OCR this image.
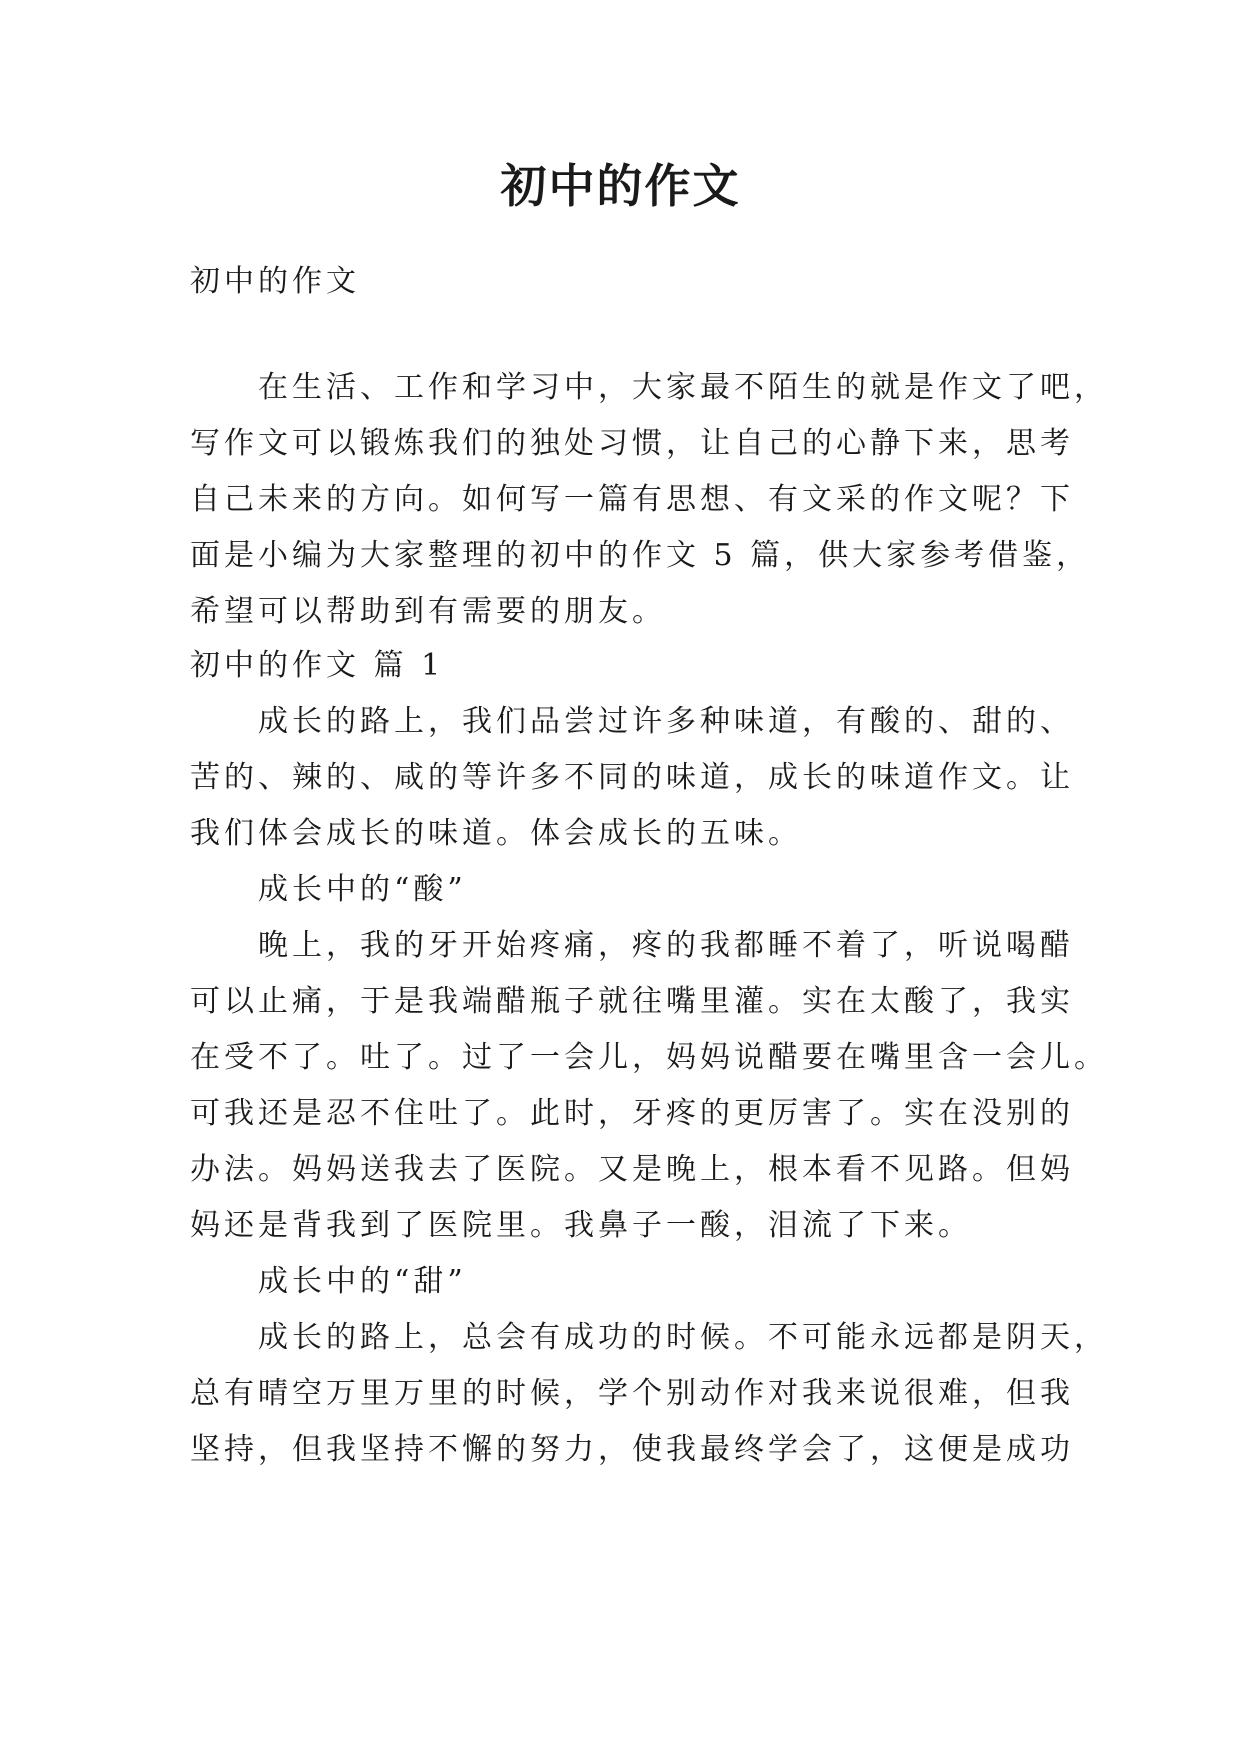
初中的作文
初中的作文
在生活、工作和学习中，大家最不陌生的就是作文了吧，
写作文可以锻炼我们的独处习惯，让自己的心静下来，思考
自己未来的方向。如何写一篇有思想、有文采的作文呢？下
面是小编为大家整理的初中的作文 5 篇，供大家参考借鉴，
希望可以帮助到有需要的朋友。
初中的作文 篇 1
成长的路上，我们品尝过许多种味道，有酸的、甜的、
苦的、辣的、咸的等许多不同的味道，成长的味道作文。让
我们体会成长的味道。体会成长的五味。
成长中的“酸”
晚上，我的牙开始疼痛，疼的我都睡不着了，听说喝醋
可以止痛，于是我端醋瓶子就往嘴里灌。实在太酸了，我实
在受不了。吐了。过了一会儿，妈妈说醋要在嘴里含一会儿。
可我还是忍不住吐了。此时，牙疼的更厉害了。实在没别的
办法。妈妈送我去了医院。又是晚上，根本看不见路。但妈
妈还是背我到了医院里。我鼻子一酸，泪流了下来。
成长中的“甜”
成长的路上，总会有成功的时候。不可能永远都是阴天，
总有晴空万里万里的时候，学个别动作对我来说很难，但我
坚持，但我坚持不懈的努力，使我最终学会了，这便是成功
